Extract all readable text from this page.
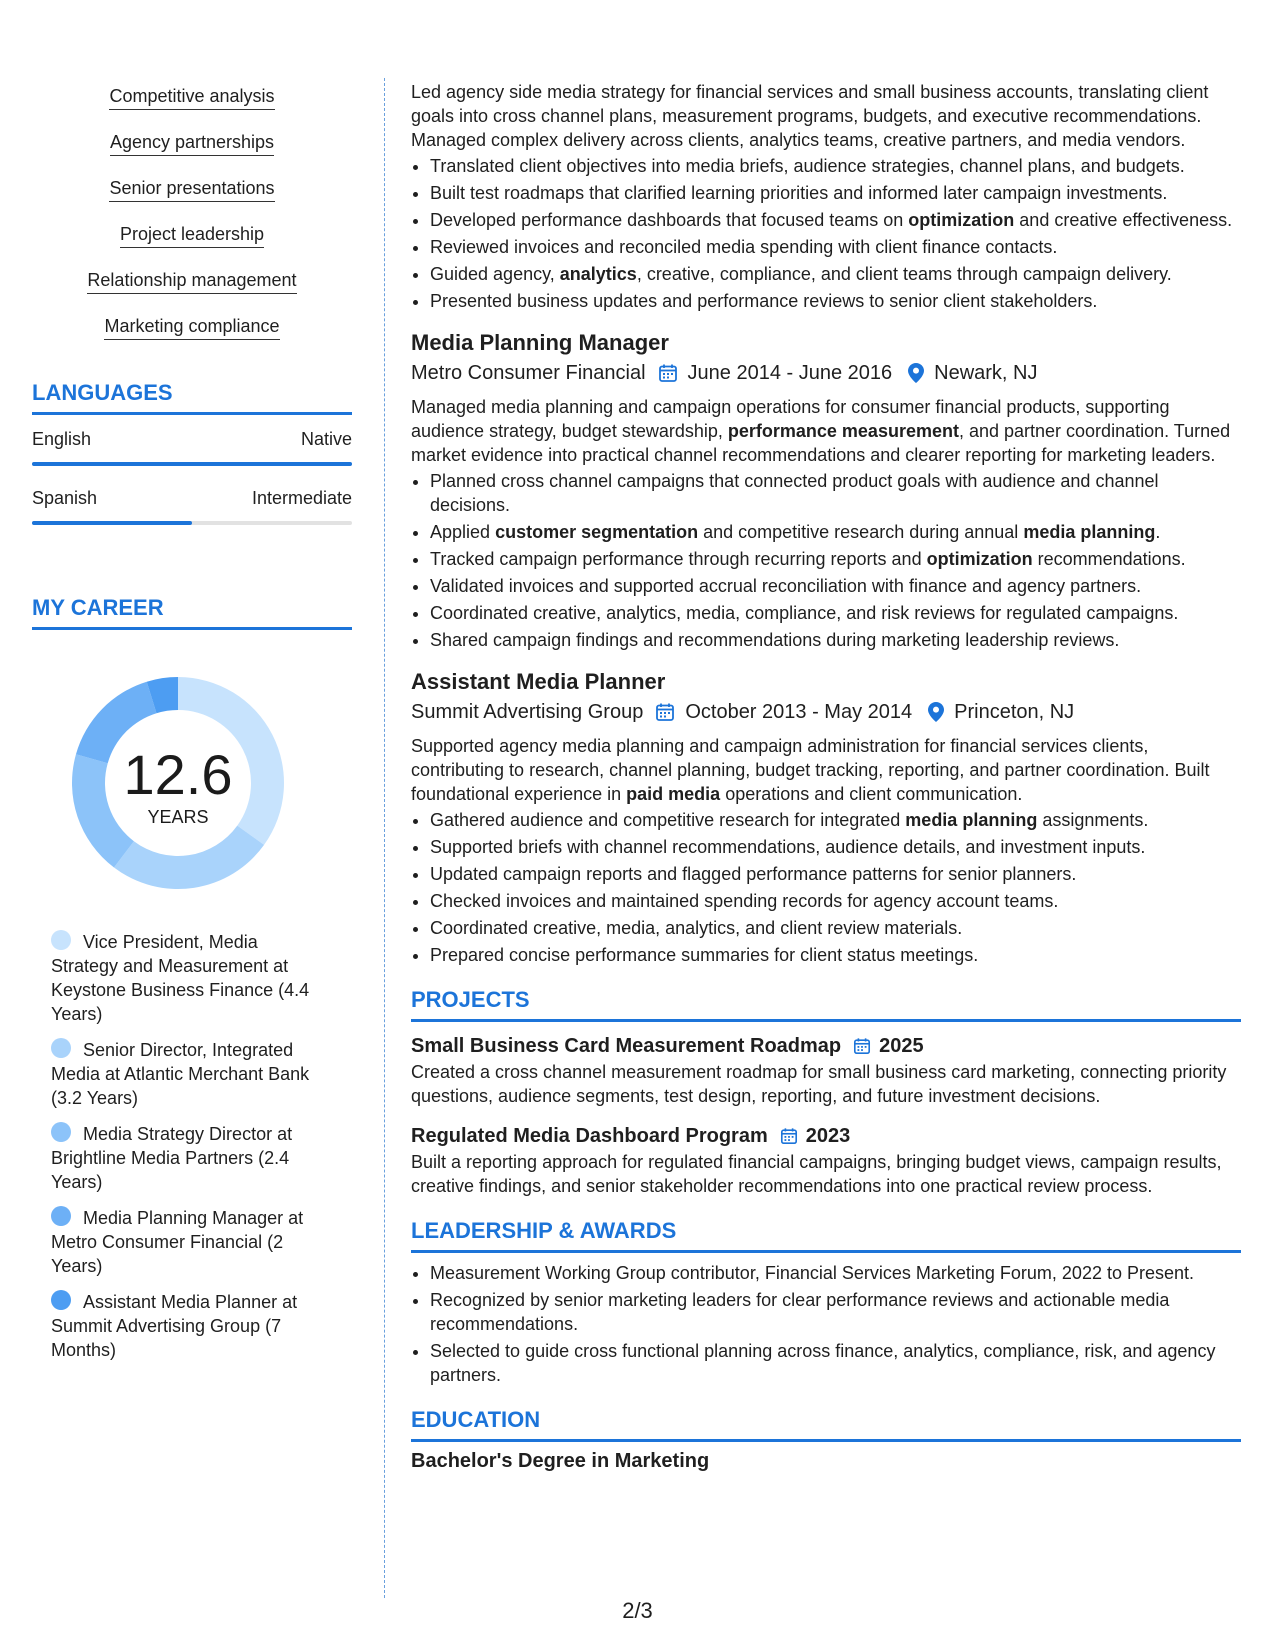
Competitive analysis
Agency partnerships
Senior presentations
Project leadership
Relationship management
Marketing compliance
LANGUAGES
English	Native
Spanish	Intermediate
MY CAREER
12.6
YEARS
Vice President, Media Strategy and Measurement at Keystone Business Finance (4.4 Years)
Senior Director, Integrated Media at Atlantic Merchant Bank (3.2 Years)
Media Strategy Director at Brightline Media Partners (2.4 Years)
Media Planning Manager at Metro Consumer Financial (2 Years)
Assistant Media Planner at Summit Advertising Group (7 Months)

Led agency side media strategy for financial services and small business accounts, translating client goals into cross channel plans, measurement programs, budgets, and executive recommendations. Managed complex delivery across clients, analytics teams, creative partners, and media vendors.

• Translated client objectives into media briefs, audience strategies, channel plans, and budgets.
• Built test roadmaps that clarified learning priorities and informed later campaign investments.
• Developed performance dashboards that focused teams on optimization and creative effectiveness.
• Reviewed invoices and reconciled media spending with client finance contacts.
• Guided agency, analytics, creative, compliance, and client teams through campaign delivery.
• Presented business updates and performance reviews to senior client stakeholders.
Media Planning Manager
Metro Consumer Financial June 2014 - June 2016 Newark, NJ

Managed media planning and campaign operations for consumer financial products, supporting audience strategy, budget stewardship, performance measurement, and partner coordination. Turned market evidence into practical channel recommendations and clearer reporting for marketing leaders.

• Planned cross channel campaigns that connected product goals with audience and channel decisions.
• Applied customer segmentation and competitive research during annual media planning.
• Tracked campaign performance through recurring reports and optimization recommendations.
• Validated invoices and supported accrual reconciliation with finance and agency partners.
• Coordinated creative, analytics, media, compliance, and risk reviews for regulated campaigns.
• Shared campaign findings and recommendations during marketing leadership reviews.
Assistant Media Planner
Summit Advertising Group October 2013 - May 2014 Princeton, NJ

Supported agency media planning and campaign administration for financial services clients, contributing to research, channel planning, budget tracking, reporting, and partner coordination. Built foundational experience in paid media operations and client communication.

• Gathered audience and competitive research for integrated media planning assignments.
• Supported briefs with channel recommendations, audience details, and investment inputs.
• Updated campaign reports and flagged performance patterns for senior planners.
• Checked invoices and maintained spending records for agency account teams.
• Coordinated creative, media, analytics, and client review materials.
• Prepared concise performance summaries for client status meetings.
PROJECTS
Small Business Card Measurement Roadmap 2025

Created a cross channel measurement roadmap for small business card marketing, connecting priority questions, audience segments, test design, reporting, and future investment decisions.

Regulated Media Dashboard Program 2023

Built a reporting approach for regulated financial campaigns, bringing budget views, campaign results, creative findings, and senior stakeholder recommendations into one practical review process.

LEADERSHIP & AWARDS
• Measurement Working Group contributor, Financial Services Marketing Forum, 2022 to Present.
• Recognized by senior marketing leaders for clear performance reviews and actionable media recommendations.
• Selected to guide cross functional planning across finance, analytics, compliance, risk, and agency partners.
EDUCATION
Bachelor's Degree in Marketing
2/3
